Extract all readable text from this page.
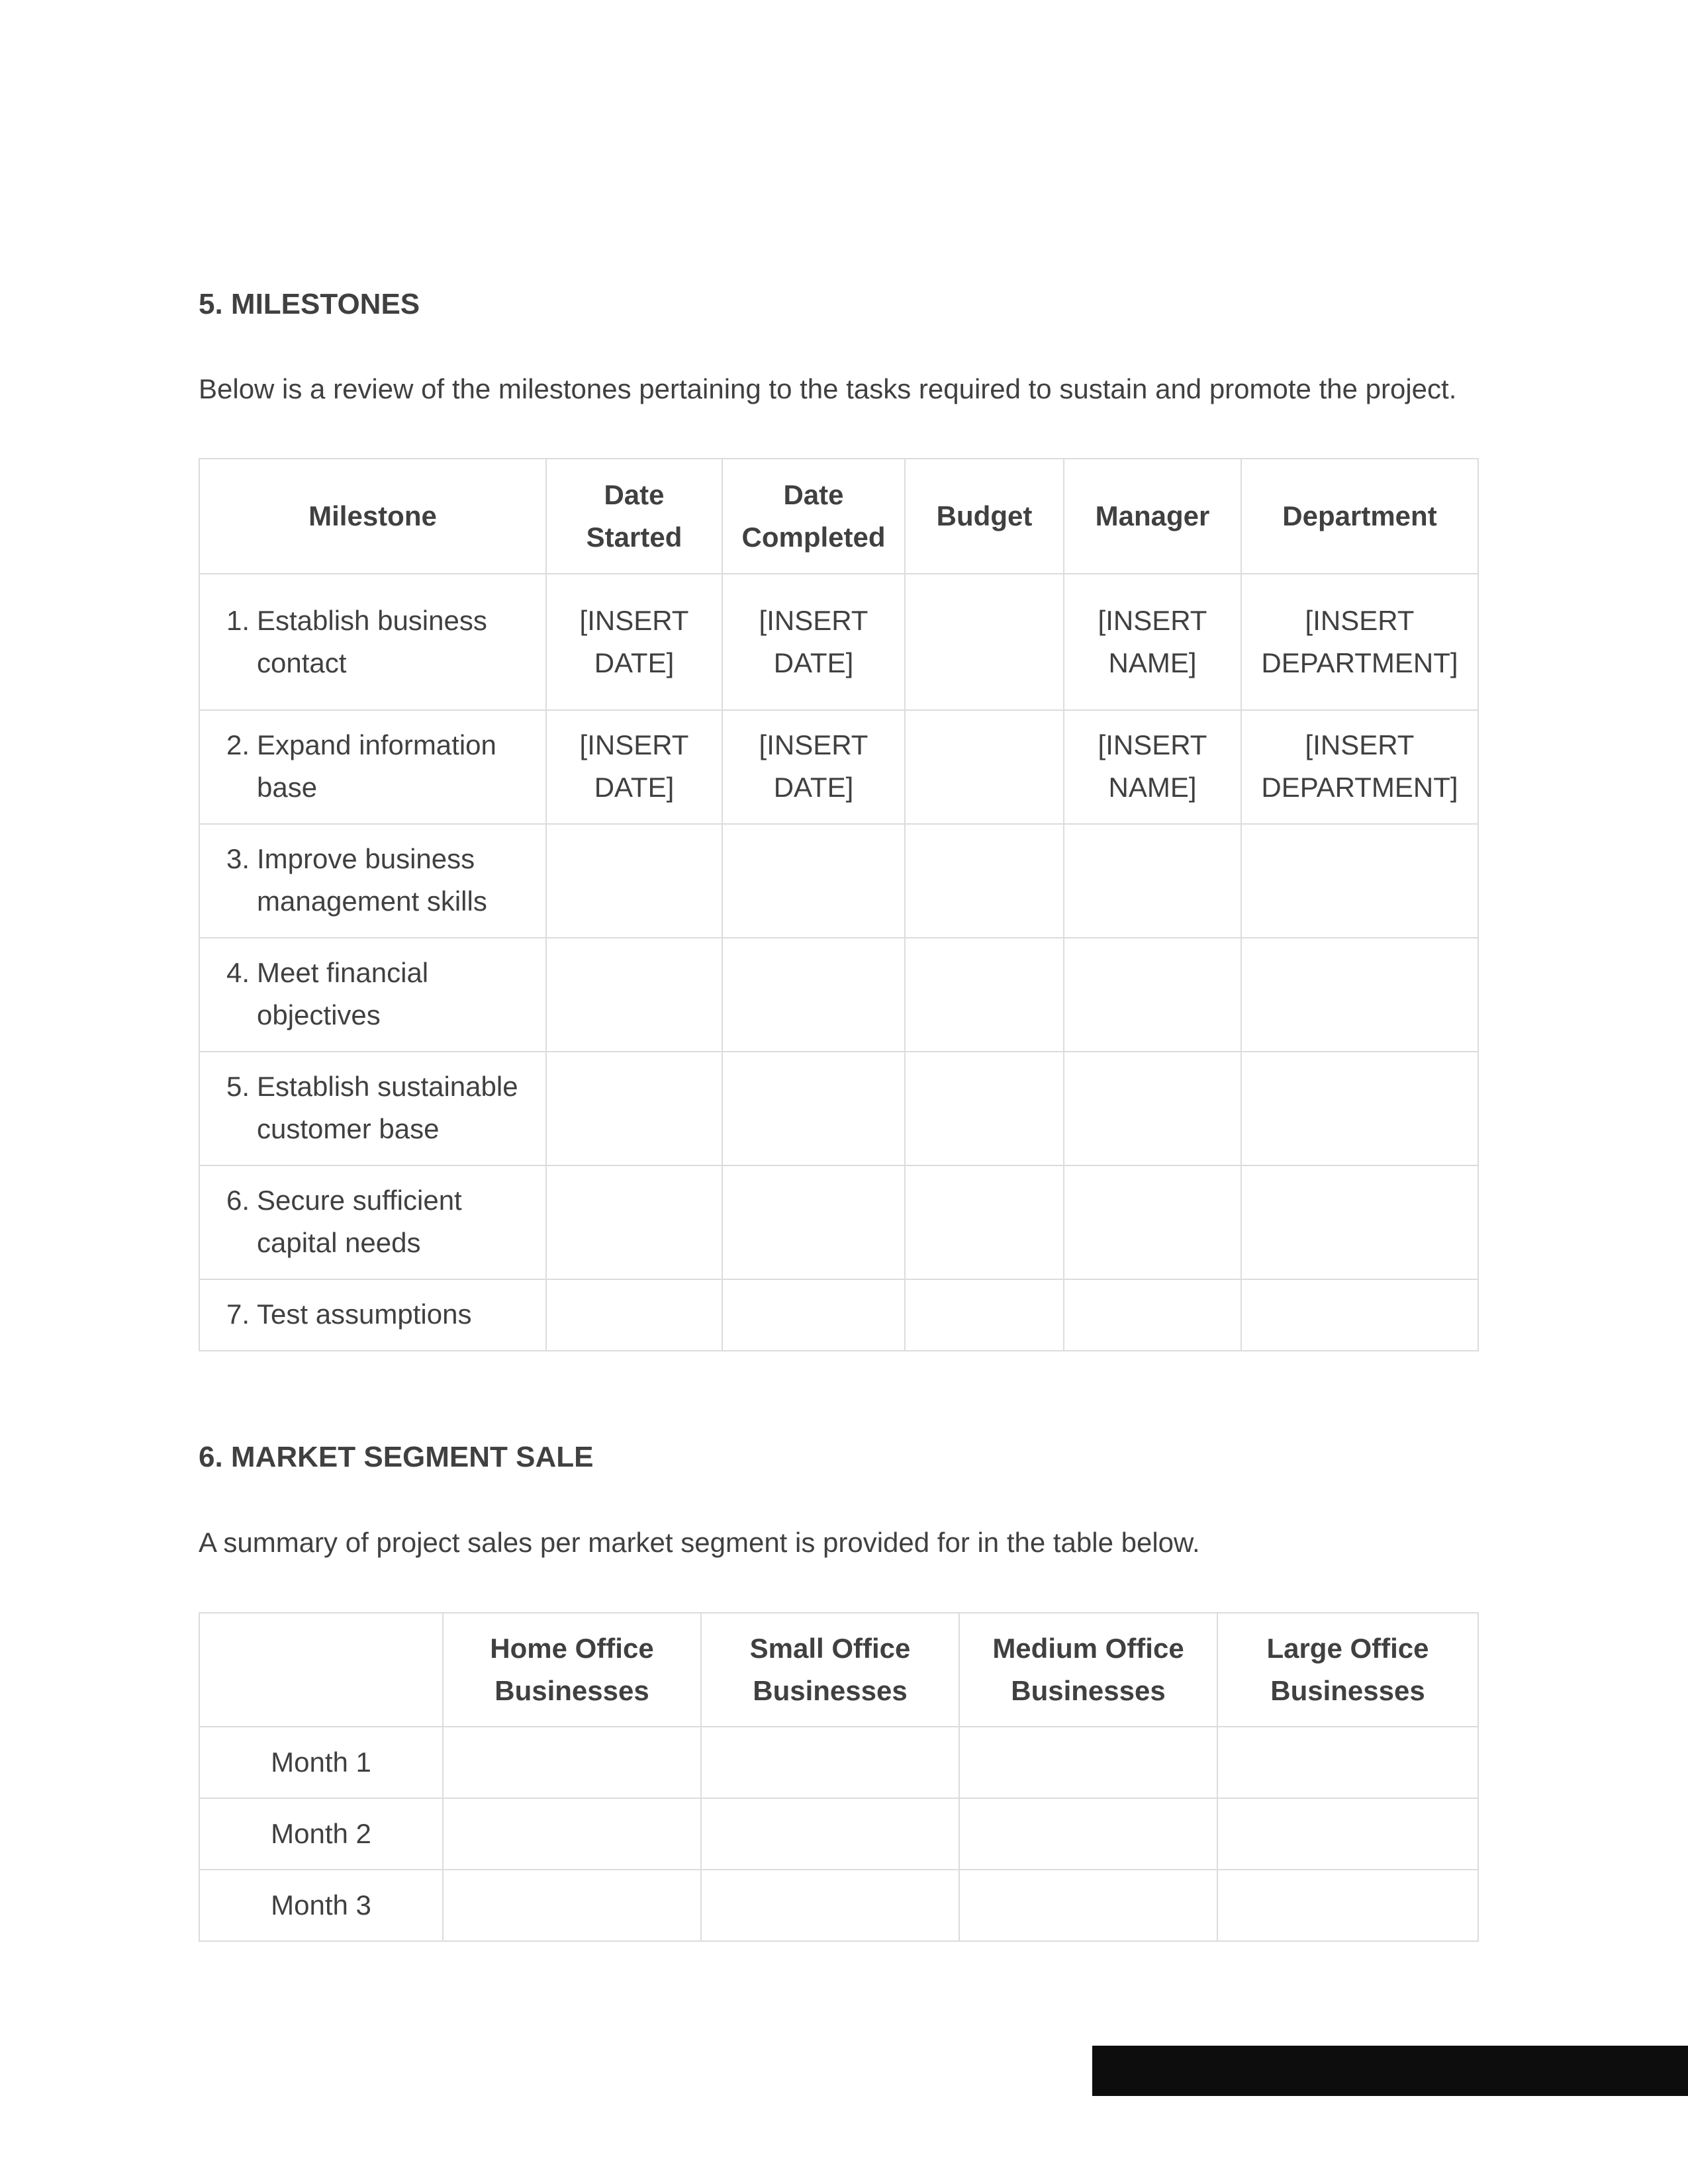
5. MILESTONES

Below is a review of the milestones pertaining to the tasks required to sustain and promote the project.

Milestone	Date Started	Date Completed	Budget	Manager	Department

1. Establish business contact	[INSERT DATE]	[INSERT DATE]		[INSERT NAME]	[INSERT DEPARTMENT]

2. Expand information base	[INSERT DATE]	[INSERT DATE]		[INSERT NAME]	[INSERT DEPARTMENT]

3. Improve business management skills					

4. Meet financial objectives					

5. Establish sustainable customer base					

6. Secure sufficient capital needs					

7. Test assumptions					

6. MARKET SEGMENT SALE

A summary of project sales per market segment is provided for in the table below.

	Home Office Businesses	Small Office Businesses	Medium Office Businesses	Large Office Businesses
Month 1				
Month 2				
Month 3				
